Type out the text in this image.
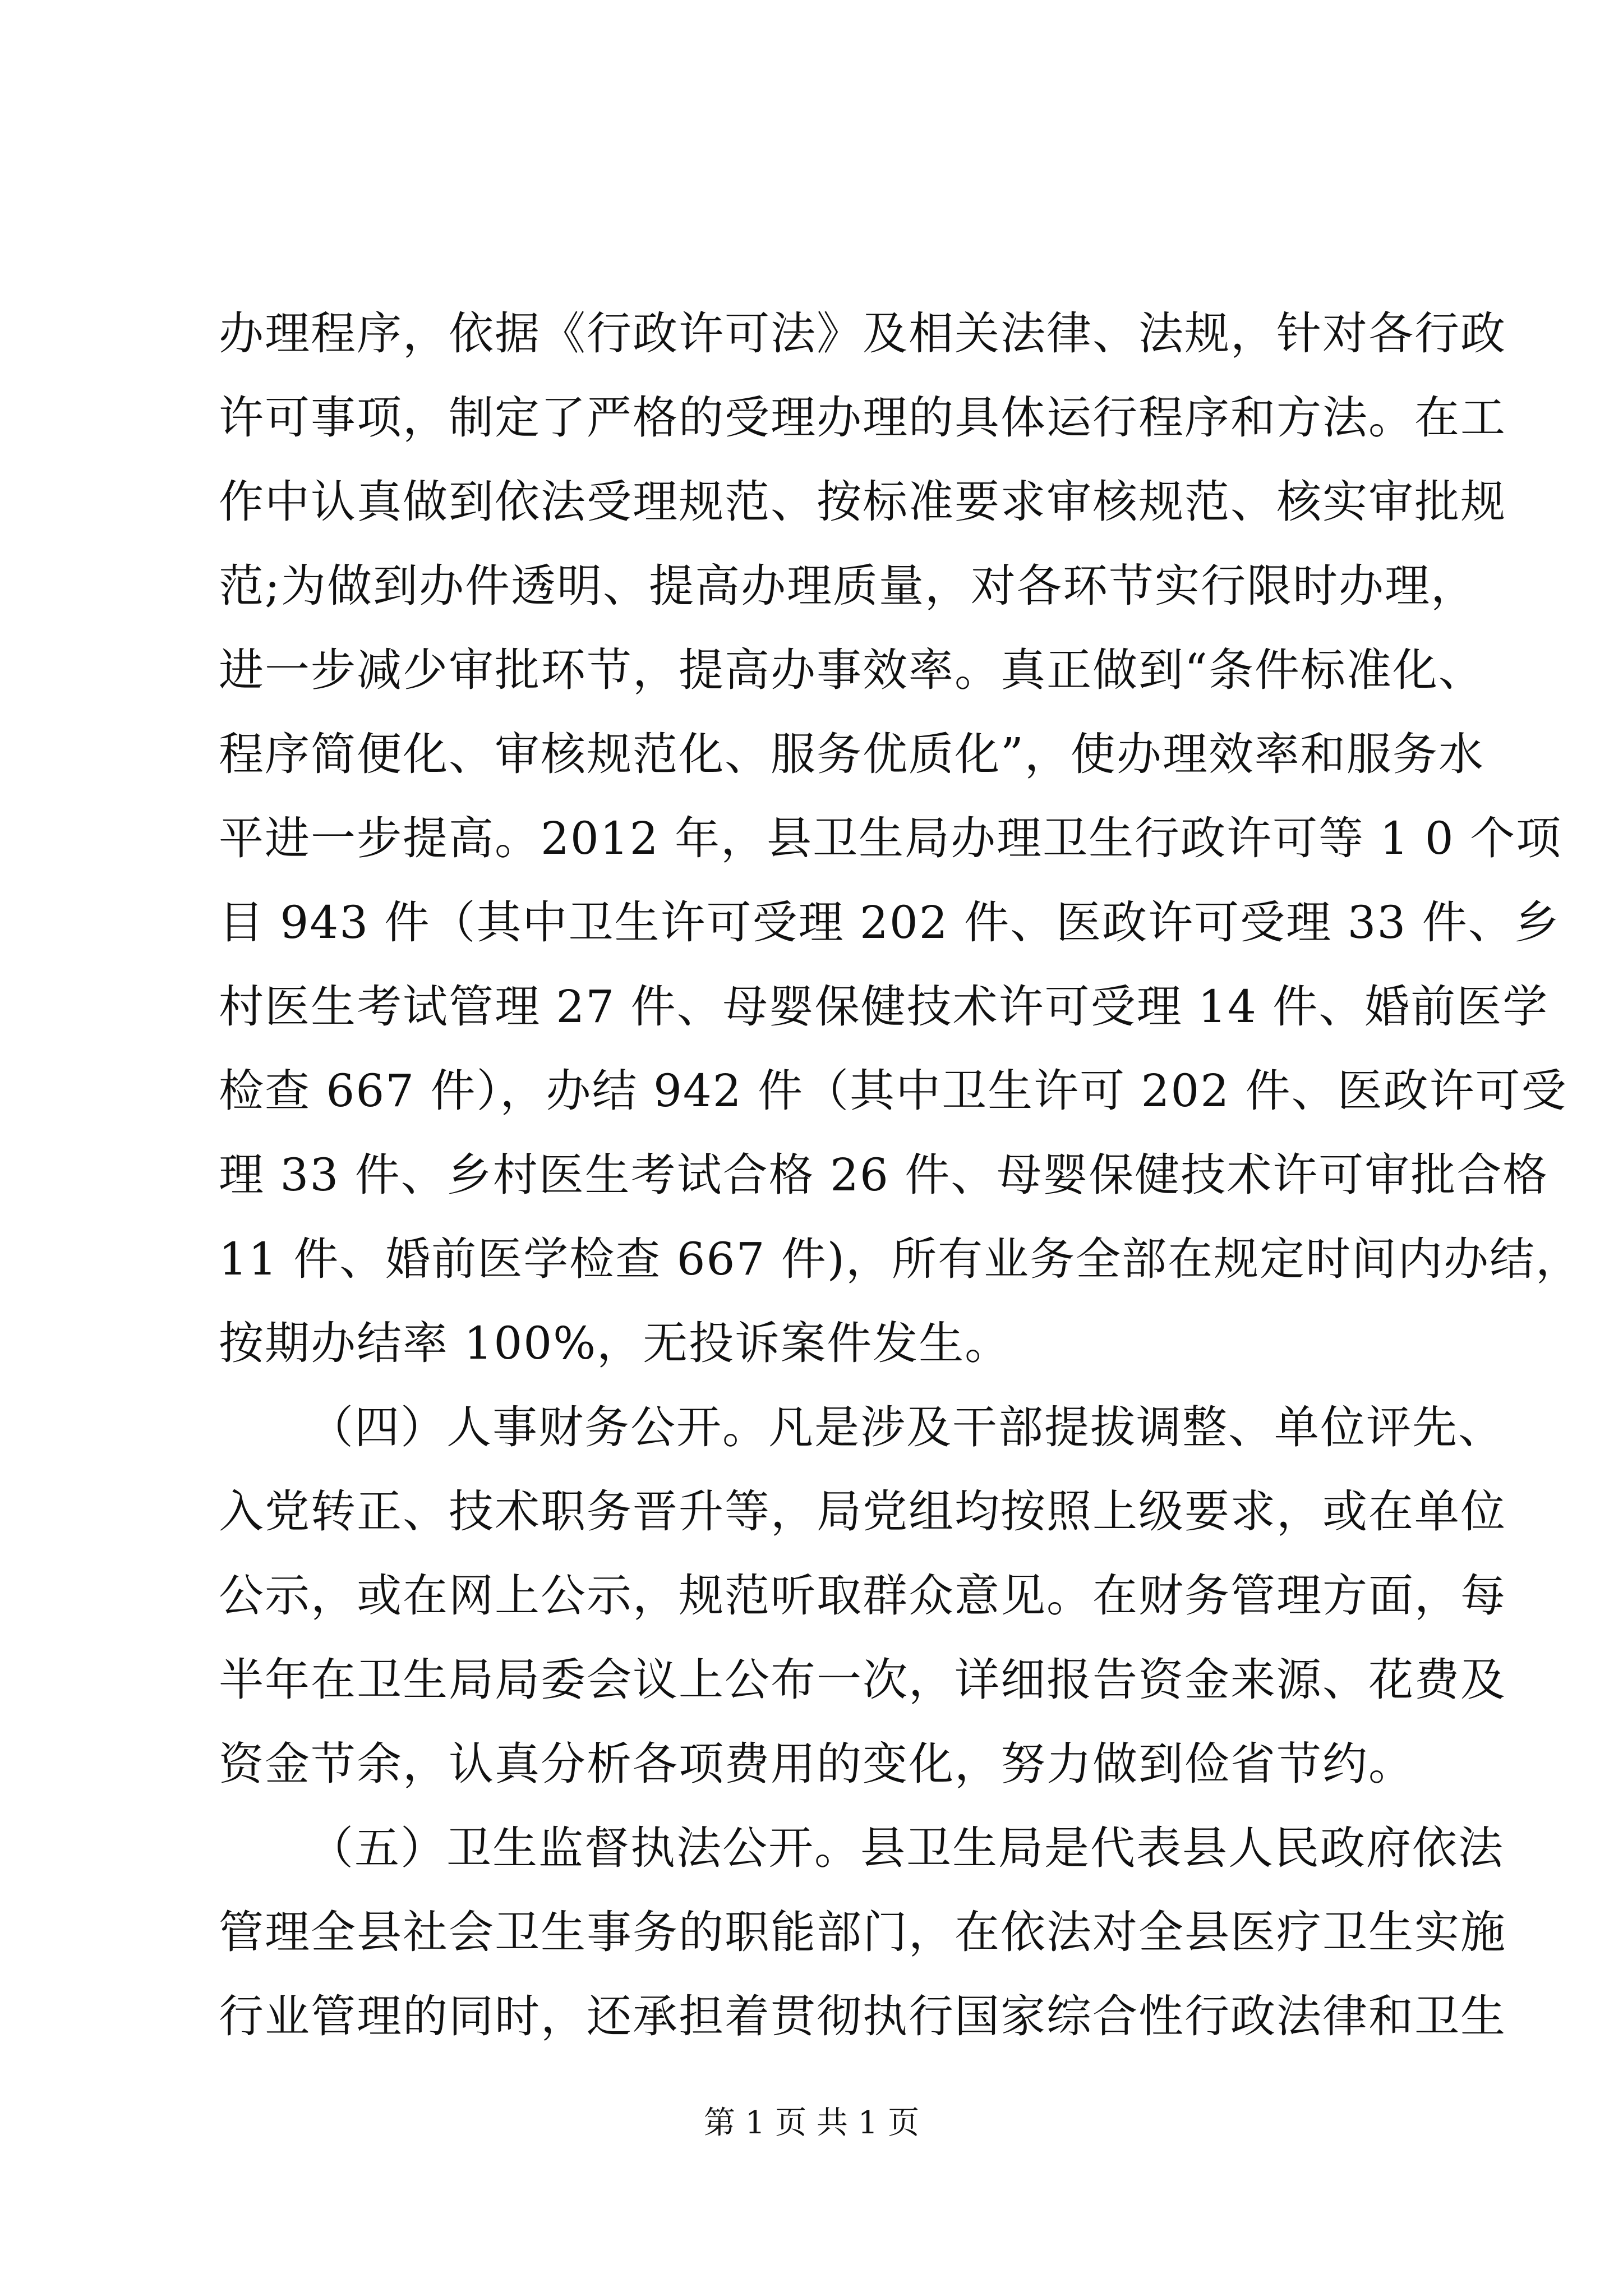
办理程序，依据《行政许可法》及相关法律、法规，针对各行政
许可事项，制定了严格的受理办理的具体运行程序和方法。在工
作中认真做到依法受理规范、按标准要求审核规范、核实审批规
范;为做到办件透明、提高办理质量，对各环节实行限时办理，
进一步减少审批环节，提高办事效率。真正做到“条件标准化、
程序简便化、审核规范化、服务优质化”，使办理效率和服务水
平进一步提高。2012 年，县卫生局办理卫生行政许可等 1 0 个项
目 943 件（其中卫生许可受理 202 件、医政许可受理 33 件、乡
村医生考试管理 27 件、母婴保健技术许可受理 14 件、婚前医学
检查 667 件），办结 942 件（其中卫生许可 202 件、医政许可受
理 33 件、乡村医生考试合格 26 件、母婴保健技术许可审批合格
11 件、婚前医学检查 667 件)，所有业务全部在规定时间内办结，
按期办结率 100%，无投诉案件发生。
（四）人事财务公开。凡是涉及干部提拔调整、单位评先、
入党转正、技术职务晋升等，局党组均按照上级要求，或在单位
公示，或在网上公示，规范听取群众意见。在财务管理方面，每
半年在卫生局局委会议上公布一次，详细报告资金来源、花费及
资金节余，认真分析各项费用的变化，努力做到俭省节约。
（五）卫生监督执法公开。县卫生局是代表县人民政府依法
管理全县社会卫生事务的职能部门，在依法对全县医疗卫生实施
行业管理的同时，还承担着贯彻执行国家综合性行政法律和卫生
第 1 页 共 1 页
